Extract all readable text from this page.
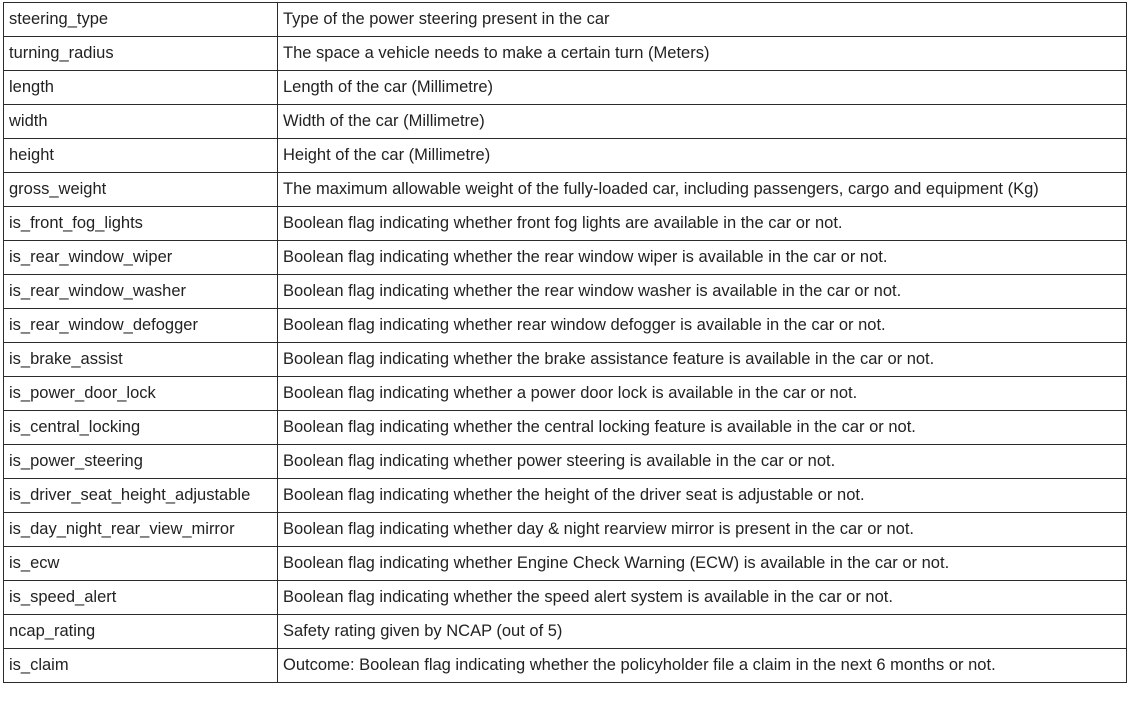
steering_type	Type of the power steering present in the car
turning_radius	The space a vehicle needs to make a certain turn (Meters)
length	Length of the car (Millimetre)
width	Width of the car (Millimetre)
height	Height of the car (Millimetre)
gross_weight	The maximum allowable weight of the fully-loaded car, including passengers, cargo and equipment (Kg)
is_front_fog_lights	Boolean flag indicating whether front fog lights are available in the car or not.
is_rear_window_wiper	Boolean flag indicating whether the rear window wiper is available in the car or not.
is_rear_window_washer	Boolean flag indicating whether the rear window washer is available in the car or not.
is_rear_window_defogger	Boolean flag indicating whether rear window defogger is available in the car or not.
is_brake_assist	Boolean flag indicating whether the brake assistance feature is available in the car or not.
is_power_door_lock	Boolean flag indicating whether a power door lock is available in the car or not.
is_central_locking	Boolean flag indicating whether the central locking feature is available in the car or not.
is_power_steering	Boolean flag indicating whether power steering is available in the car or not.
is_driver_seat_height_adjustable	Boolean flag indicating whether the height of the driver seat is adjustable or not.
is_day_night_rear_view_mirror	Boolean flag indicating whether day & night rearview mirror is present in the car or not.
is_ecw	Boolean flag indicating whether Engine Check Warning (ECW) is available in the car or not.
is_speed_alert	Boolean flag indicating whether the speed alert system is available in the car or not.
ncap_rating	Safety rating given by NCAP (out of 5)
is_claim	Outcome: Boolean flag indicating whether the policyholder file a claim in the next 6 months or not.
